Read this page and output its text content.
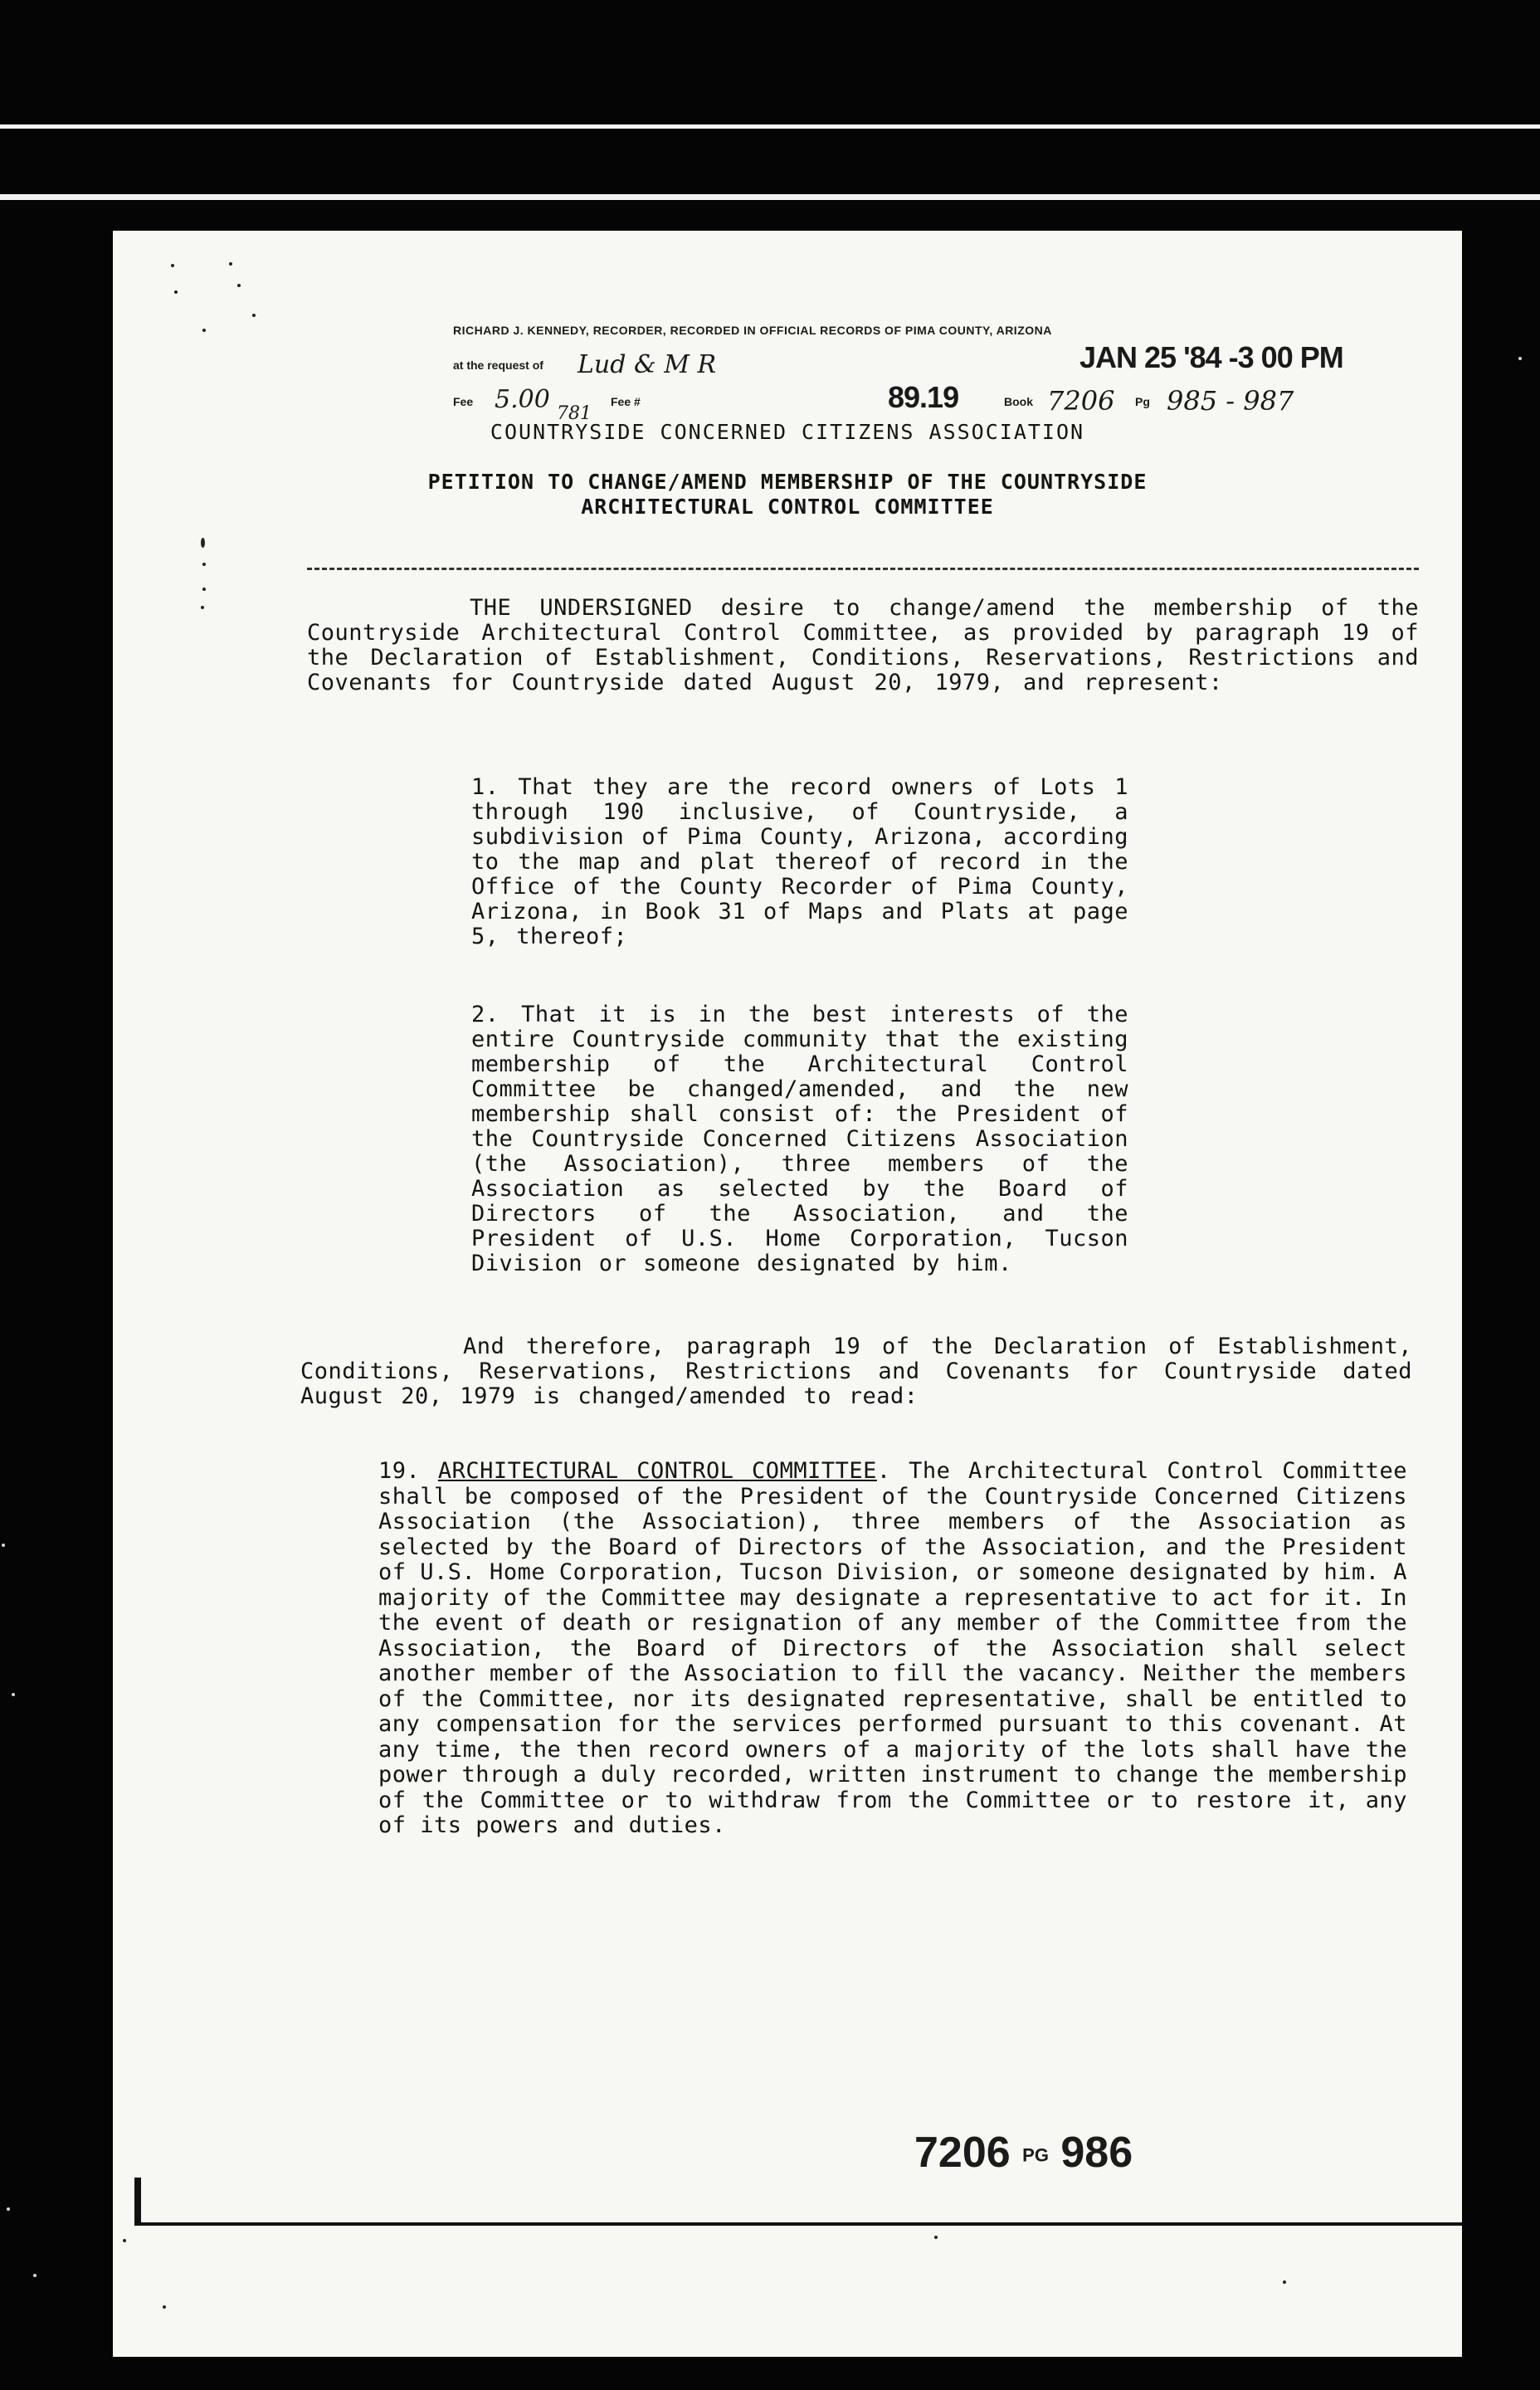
RICHARD J. KENNEDY, RECORDER, RECORDED IN OFFICIAL RECORDS OF PIMA COUNTY, ARIZONA
at the request of Lud & M R	JAN 25 '84 -3 00 PM
Fee 5.00	Fee #	89.19	Book 7206 Pg 985 - 987
781
COUNTRYSIDE CONCERNED CITIZENS ASSOCIATION
PETITION TO CHANGE/AMEND MEMBERSHIP OF THE COUNTRYSIDE
ARCHITECTURAL CONTROL COMMITTEE
THE UNDERSIGNED desire to change/amend the membership of the Countryside Architectural Control Committee, as provided by paragraph 19 of the Declaration of Establishment, Conditions, Reservations, Restrictions and Covenants for Countryside dated August 20, 1979, and represent:
1. That they are the record owners of Lots 1 through 190 inclusive, of Countryside, a subdivision of Pima County, Arizona, according to the map and plat thereof of record in the Office of the County Recorder of Pima County, Arizona, in Book 31 of Maps and Plats at page 5, thereof;
2. That it is in the best interests of the entire Countryside community that the existing membership of the Architectural Control Committee be changed/amended, and the new membership shall consist of: the President of the Countryside Concerned Citizens Association (the Association), three members of the Association as selected by the Board of Directors of the Association, and the President of U.S. Home Corporation, Tucson Division or someone designated by him.
And therefore, paragraph 19 of the Declaration of Establishment, Conditions, Reservations, Restrictions and Covenants for Countryside dated August 20, 1979 is changed/amended to read:
19. ARCHITECTURAL CONTROL COMMITTEE. The Architectural Control Committee shall be composed of the President of the Countryside Concerned Citizens Association (the Association), three members of the Association as selected by the Board of Directors of the Association, and the President of U.S. Home Corporation, Tucson Division, or someone designated by him. A majority of the Committee may designate a representative to act for it. In the event of death or resignation of any member of the Committee from the Association, the Board of Directors of the Association shall select another member of the Association to fill the vacancy. Neither the members of the Committee, nor its designated representative, shall be entitled to any compensation for the services performed pursuant to this covenant. At any time, the then record owners of a majority of the lots shall have the power through a duly recorded, written instrument to change the membership of the Committee or to withdraw from the Committee or to restore it, any of its powers and duties.
7206 PG 986
